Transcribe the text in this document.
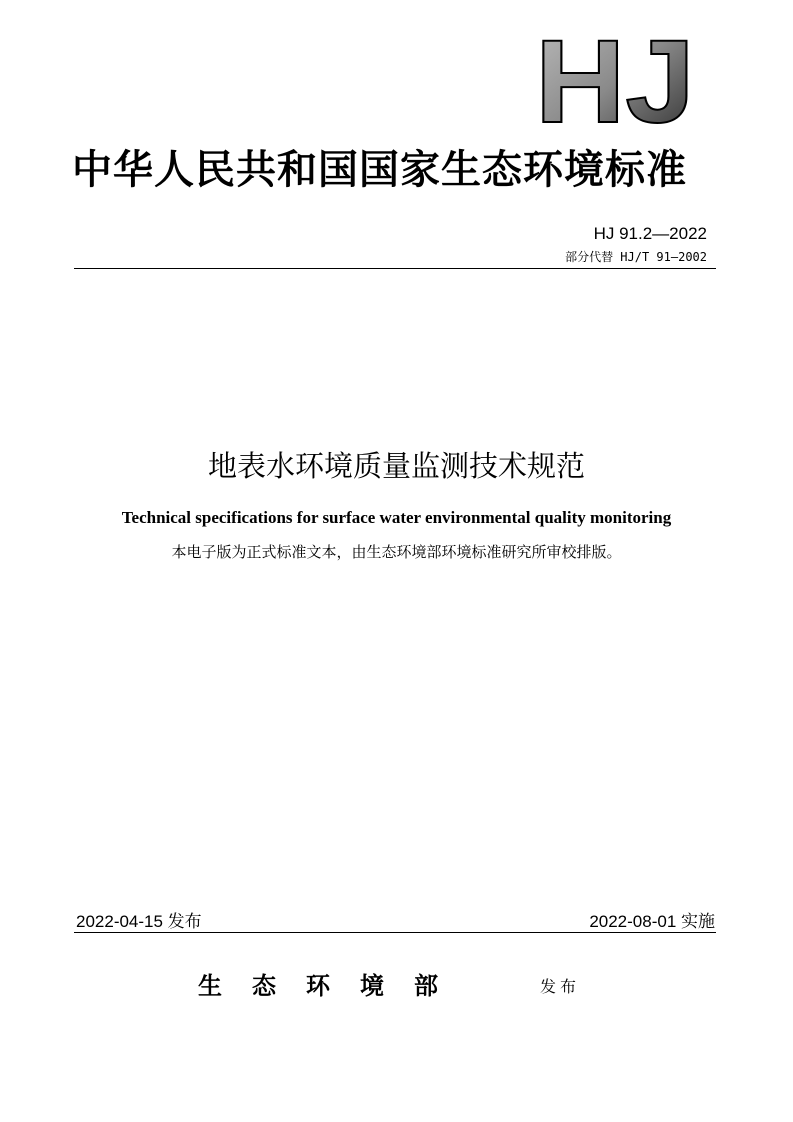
HJ
中华人民共和国国家生态环境标准
HJ 91.2—2022
部分代替 HJ/T 91—2002
地表水环境质量监测技术规范
Technical specifications for surface water environmental quality monitoring
本电子版为正式标准文本，由生态环境部环境标准研究所审校排版。
2022-04-15 发布	2022-08-01 实施
生态环境部	发布
